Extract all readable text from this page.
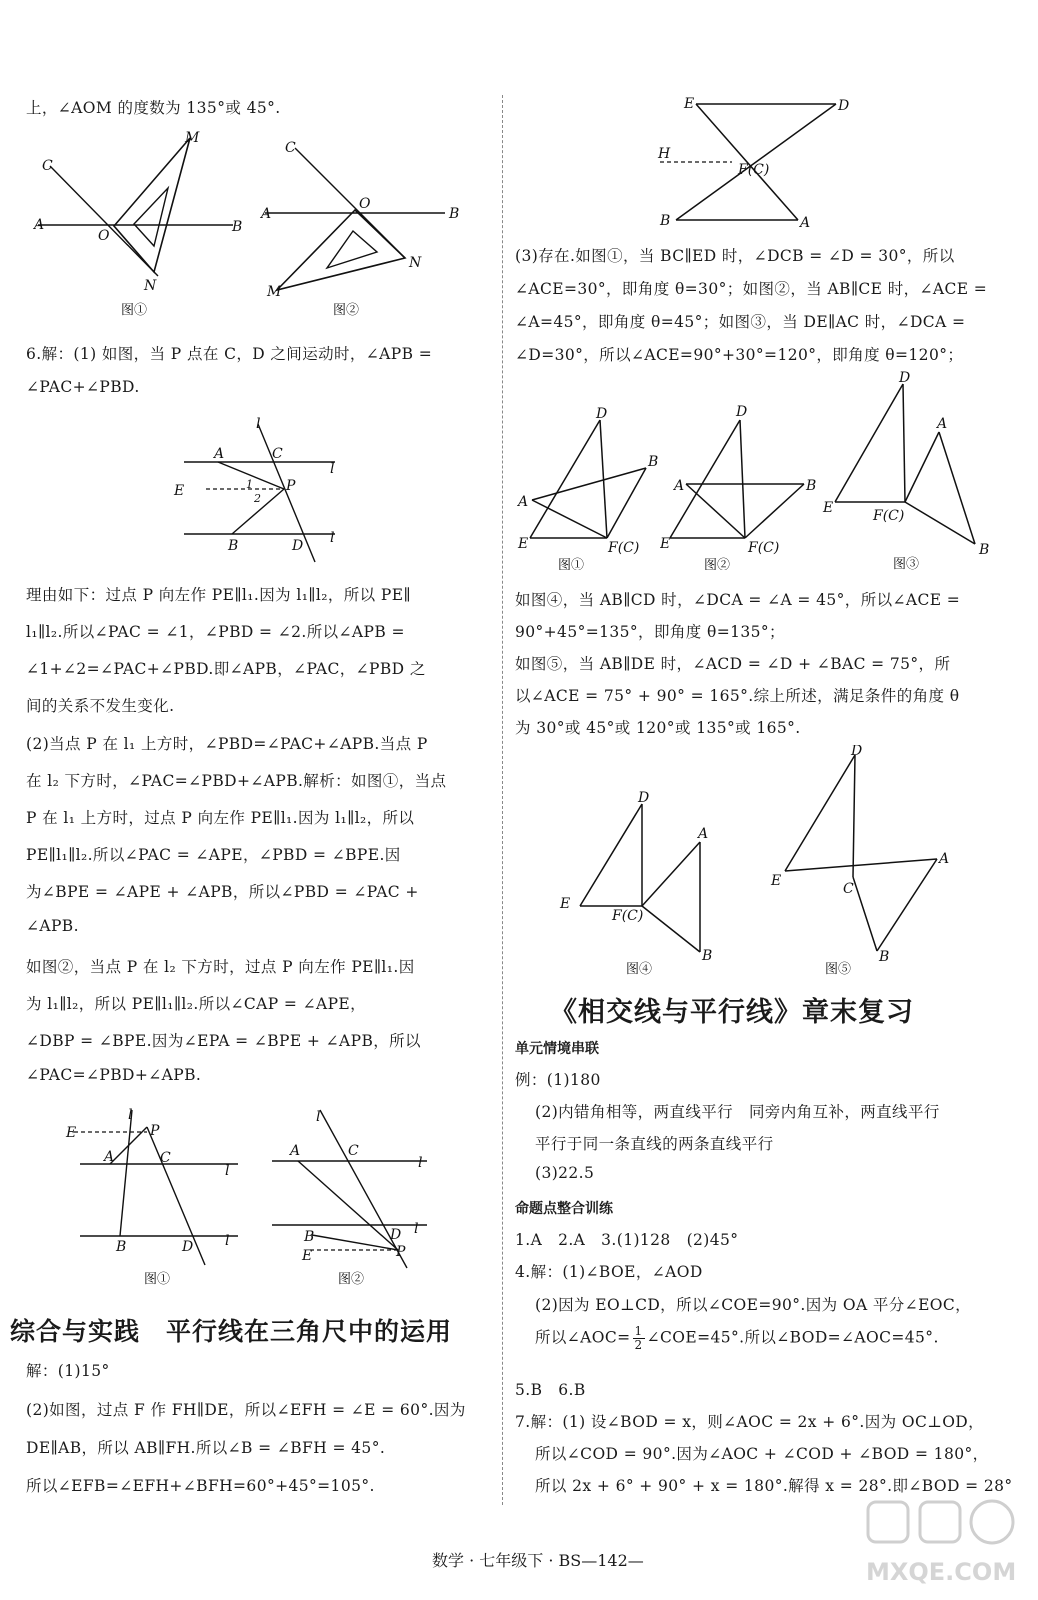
上，∠AOM 的度数为 135°或 45°.
C
A
O
M
B
N
图①
C
A
O
B
N
M
图②
6.解：(1) 如图，当 P 点在 C，D 之间运动时，∠APB =
∠PAC+∠PBD.
l
A	C
l
E	1
2
P
B	D l
理由如下：过点 P 向左作 PE∥l₁.因为 l₁∥l₂，所以 PE∥
l₁∥l₂.所以∠PAC = ∠1，∠PBD = ∠2.所以∠APB =
∠1+∠2=∠PAC+∠PBD.即∠APB，∠PAC，∠PBD 之
间的关系不发生变化.
(2)当点 P 在 l₁ 上方时，∠PBD=∠PAC+∠APB.当点 P
在 l₂ 下方时，∠PAC=∠PBD+∠APB.解析：如图①，当点
P 在 l₁ 上方时，过点 P 向左作 PE∥l₁.因为 l₁∥l₂，所以
PE∥l₁∥l₂.所以∠PAC = ∠APE，∠PBD = ∠BPE.因
为∠BPE = ∠APE + ∠APB，所以∠PBD = ∠PAC +
∠APB.
如图②，当点 P 在 l₂ 下方时，过点 P 向左作 PE∥l₁.因
为 l₁∥l₂，所以 PE∥l₁∥l₂.所以∠CAP = ∠APE，
∠DBP = ∠BPE.因为∠EPA = ∠BPE + ∠APB，所以
∠PAC=∠PBD+∠APB.
E
l
P
A	C
l
B	D l
图①
l
A	C
l
B	D l
E	P
图②
综合与实践　平行线在三角尺中的运用
解：(1)15°
(2)如图，过点 F 作 FH∥DE，所以∠EFH = ∠E = 60°.因为
DE∥AB，所以 AB∥FH.所以∠B = ∠BFH = 45°.
所以∠EFB=∠EFH+∠BFH=60°+45°=105°.
E	D
H
F(C)
B	A
(3)存在.如图①，当 BC∥ED 时，∠DCB = ∠D = 30°，所以
∠ACE=30°，即角度 θ=30°；如图②，当 AB∥CE 时，∠ACE =
∠A=45°，即角度 θ=45°；如图③，当 DE∥AC 时，∠DCA =
∠D=30°，所以∠ACE=90°+30°=120°，即角度 θ=120°；
D
B
A
E	F(C)
图①
D
A	B
E	F(C)
图②
D
A
E	F(C)
B
图③
如图④，当 AB∥CD 时，∠DCA = ∠A = 45°，所以∠ACE =
90°+45°=135°，即角度 θ=135°；
如图⑤，当 AB∥DE 时，∠ACD = ∠D + ∠BAC = 75°，所
以∠ACE = 75° + 90° = 165°.综上所述，满足条件的角度 θ
为 30°或 45°或 120°或 135°或 165°.
D
A
E
F(C)
B
图④
D
A
E	C
B
图⑤
《相交线与平行线》章末复习
单元情境串联
例：(1)180
(2)内错角相等，两直线平行　同旁内角互补，两直线平行
平行于同一条直线的两条直线平行
(3)22.5
命题点整合训练
1.A　2.A　3.(1)128　(2)45°
4.解：(1)∠BOE，∠AOD
(2)因为 EO⊥CD，所以∠COE=90°.因为 OA 平分∠EOC，
所以∠AOC= $\frac{1}{2}$ ∠COE=45°.所以∠BOD=∠AOC=45°.
5.B　6.B
7.解：(1) 设∠BOD = x，则∠AOC = 2x + 6°.因为 OC⊥OD，
所以∠COD = 90°.因为∠AOC + ∠COD + ∠BOD = 180°，
所以 2x + 6° + 90° + x = 180°.解得 x = 28°.即∠BOD = 28°
数学 · 七年级下 · BS—142—	MXQE.COM
